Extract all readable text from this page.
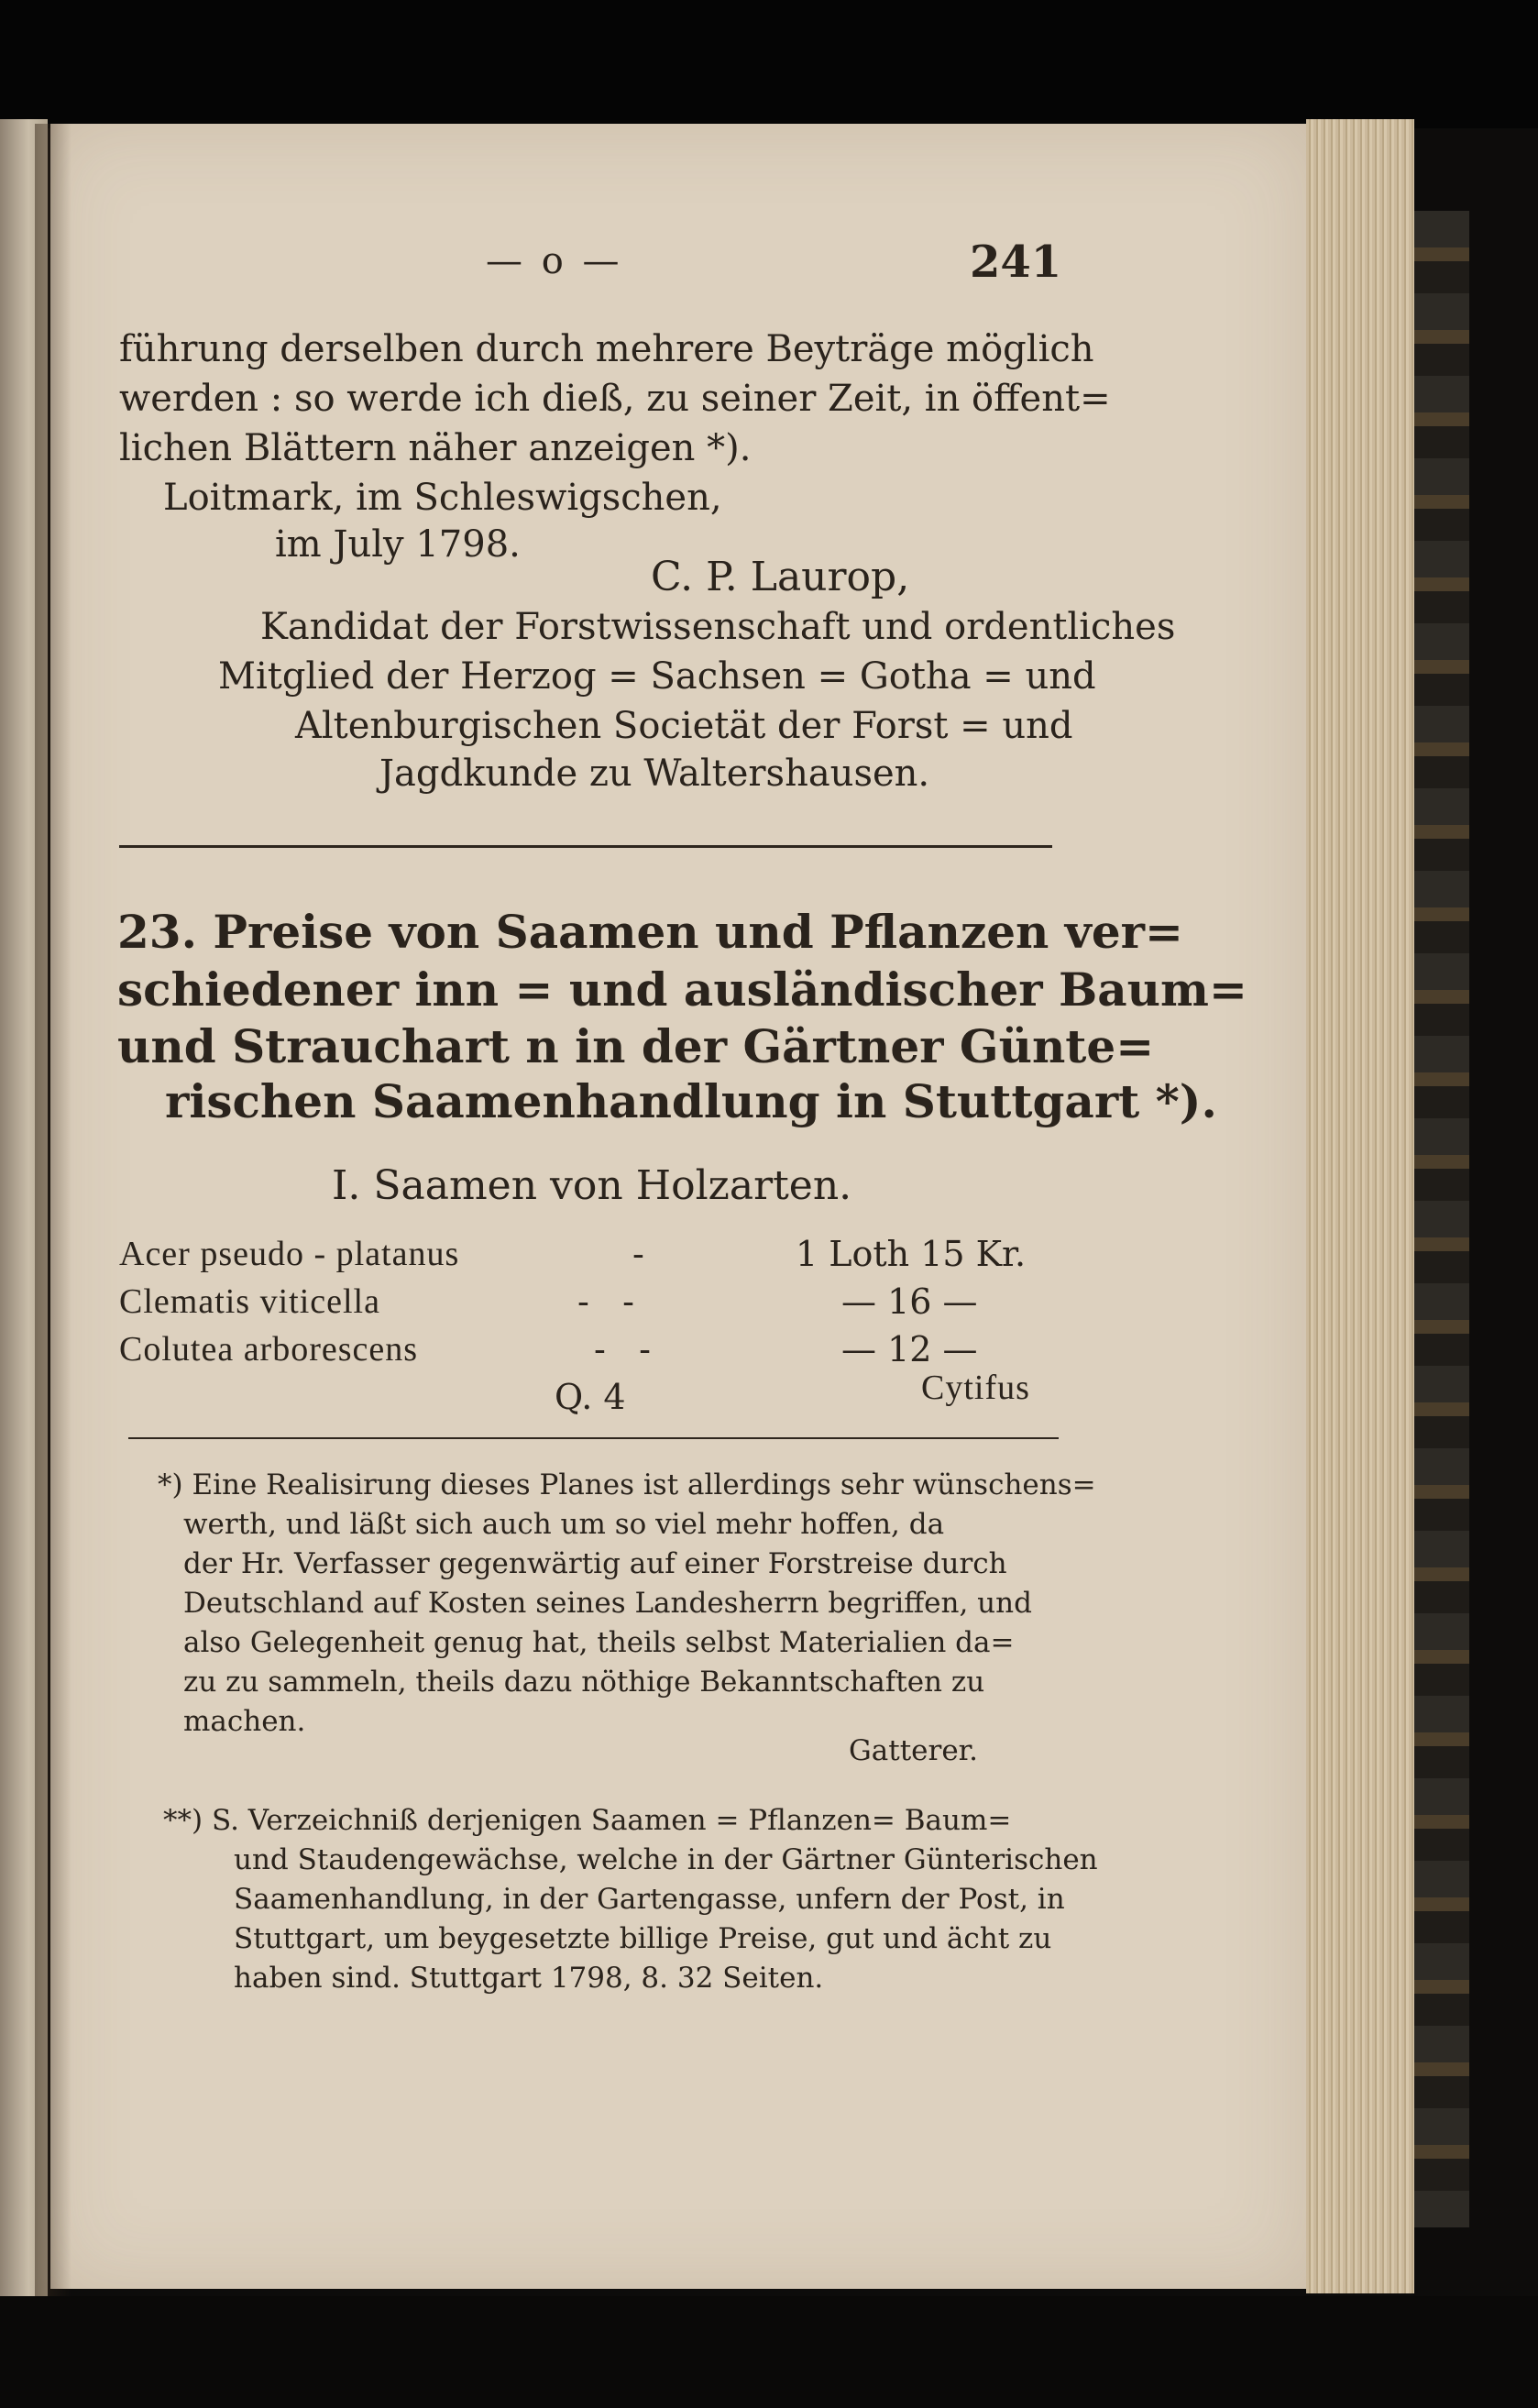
— o —	241
führung derselben durch mehrere Beyträge möglich
werden : so werde ich dieß, zu seiner Zeit, in öffent=
lichen Blättern näher anzeigen *).
Loitmark, im Schleswigschen,
im July 1798.
C. P. Laurop,
Kandidat der Forstwissenschaft und ordentliches
Mitglied der Herzog = Sachsen = Gotha = und
Altenburgischen Societät der Forst = und
Jagdkunde zu Waltershausen.
23. Preise von Saamen und Pflanzen ver=
schiedener inn = und ausländischer Baum=
und Strauchart n in der Gärtner Günte=
rischen Saamenhandlung in Stuttgart *).
I. Saamen von Holzarten.
Acer pseudo - platanus	-	1 Loth 15 Kr.
Clematis viticella	-   -	— 16 —
Colutea arborescens	-   -	— 12 —
Q. 4	Cytifus
*) Eine Realisirung dieses Planes ist allerdings sehr wünschens=
werth, und läßt sich auch um so viel mehr hoffen, da
der Hr. Verfasser gegenwärtig auf einer Forstreise durch
Deutschland auf Kosten seines Landesherrn begriffen, und
also Gelegenheit genug hat, theils selbst Materialien da=
zu zu sammeln, theils dazu nöthige Bekanntschaften zu
machen.
Gatterer.
**) S. Verzeichniß derjenigen Saamen = Pflanzen= Baum=
und Staudengewächse, welche in der Gärtner Günterischen
Saamenhandlung, in der Gartengasse, unfern der Post, in
Stuttgart, um beygesetzte billige Preise, gut und ächt zu
haben sind. Stuttgart 1798, 8. 32 Seiten.
